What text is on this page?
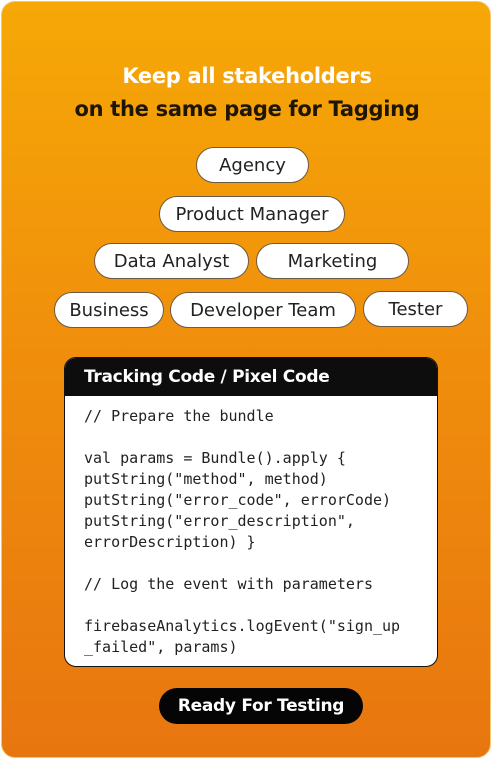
Keep all stakeholders
on the same page for Tagging
Agency
Product Manager
Data Analyst	Marketing
Business	Developer Team	Tester
Tracking Code / Pixel Code
// Prepare the bundle
val params = Bundle().apply {
putString("method", method)
putString("error_code", errorCode)
putString("error_description",
errorDescription) }
// Log the event with parameters
firebaseAnalytics.logEvent("sign_up
_failed", params)
Ready For Testing
